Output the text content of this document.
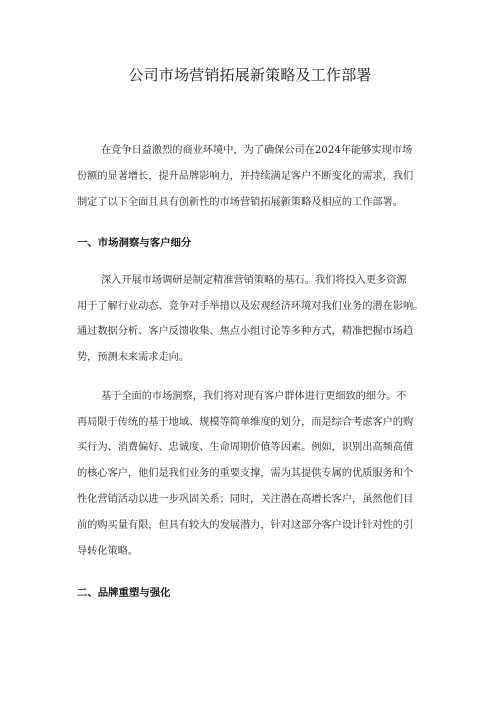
公司市场营销拓展新策略及工作部署
在竞争日益激烈的商业环境中，为了确保公司在2024年能够实现市场
份额的显著增长，提升品牌影响力，并持续满足客户不断变化的需求，我们
制定了以下全面且具有创新性的市场营销拓展新策略及相应的工作部署。
一、市场洞察与客户细分
深入开展市场调研是制定精准营销策略的基石。我们将投入更多资源
用于了解行业动态、竞争对手举措以及宏观经济环境对我们业务的潜在影响。
通过数据分析、客户反馈收集、焦点小组讨论等多种方式，精准把握市场趋
势，预测未来需求走向。
基于全面的市场洞察，我们将对现有客户群体进行更细致的细分。不
再局限于传统的基于地域、规模等简单维度的划分，而是综合考虑客户的购
买行为、消费偏好、忠诚度、生命周期价值等因素。例如，识别出高频高值
的核心客户，他们是我们业务的重要支撑，需为其提供专属的优质服务和个
性化营销活动以进一步巩固关系；同时，关注潜在高增长客户，虽然他们目
前的购买量有限，但具有较大的发展潜力，针对这部分客户设计针对性的引
导转化策略。
二、品牌重塑与强化
